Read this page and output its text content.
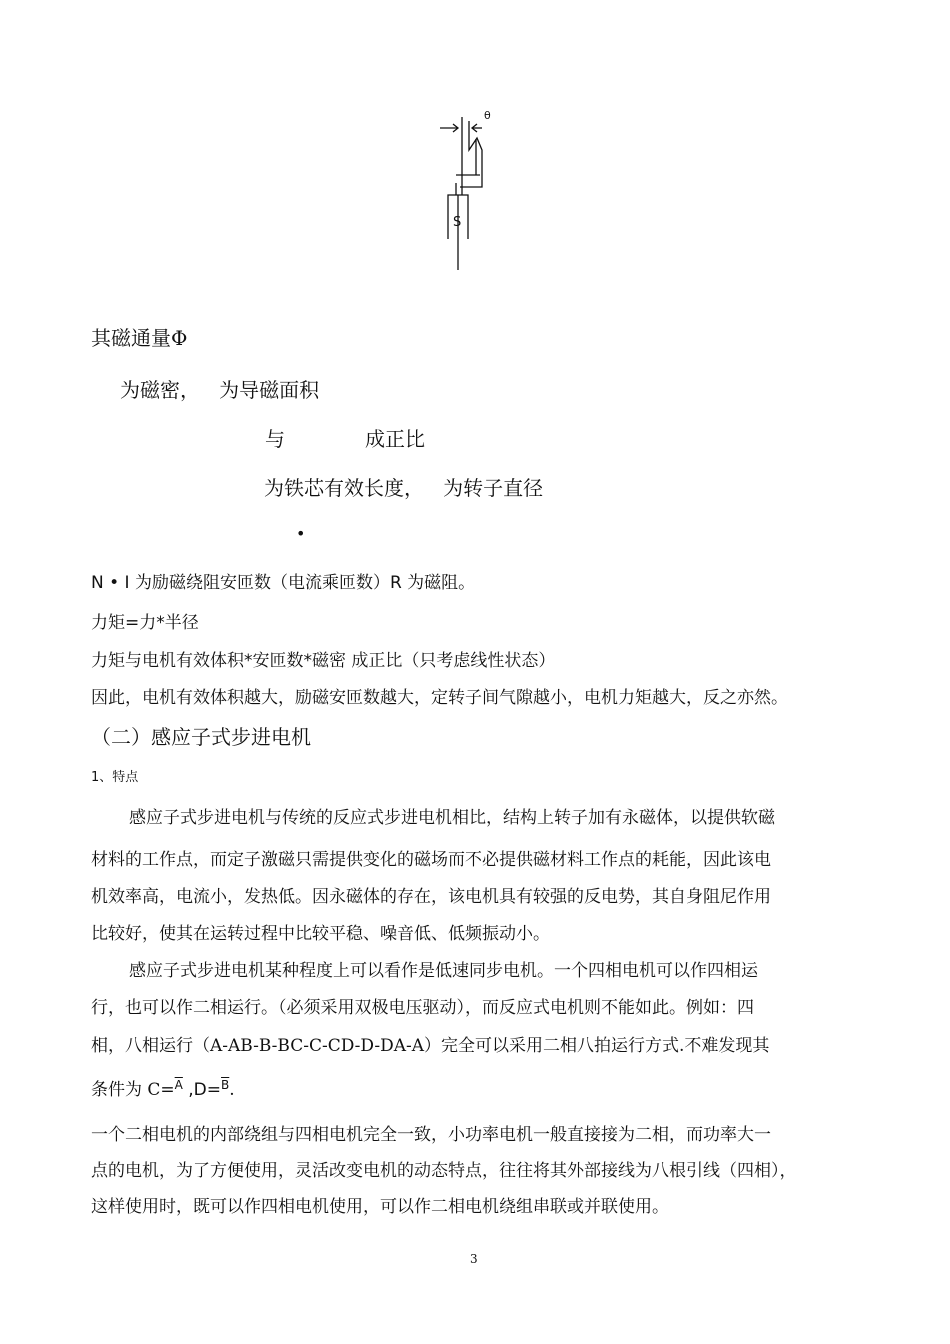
θ
S
其磁通量Φ
为磁密，   为导磁面积
与	成正比
为铁芯有效长度，   为转子直径
•
N • I 为励磁绕阻安匝数（电流乘匝数）R 为磁阻。
力矩=力*半径
力矩与电机有效体积*安匝数*磁密 成正比（只考虑线性状态）
因此，电机有效体积越大，励磁安匝数越大，定转子间气隙越小，电机力矩越大，反之亦然。
（二）感应子式步进电机
1、特点
感应子式步进电机与传统的反应式步进电机相比，结构上转子加有永磁体，以提供软磁
材料的工作点，而定子激磁只需提供变化的磁场而不必提供磁材料工作点的耗能，因此该电
机效率高，电流小，发热低。因永磁体的存在，该电机具有较强的反电势，其自身阻尼作用
比较好，使其在运转过程中比较平稳、噪音低、低频振动小。
感应子式步进电机某种程度上可以看作是低速同步电机。一个四相电机可以作四相运
行，也可以作二相运行。（必须采用双极电压驱动），而反应式电机则不能如此。例如：四
相，八相运行（A-AB-B-BC-C-CD-D-DA-A）完全可以采用二相八拍运行方式.不难发现其
条件为 C=$^{\overline{A}}$ ,D=$^{\overline{B}}$.
一个二相电机的内部绕组与四相电机完全一致，小功率电机一般直接接为二相，而功率大一
点的电机，为了方便使用，灵活改变电机的动态特点，往往将其外部接线为八根引线（四相），
这样使用时，既可以作四相电机使用，可以作二相电机绕组串联或并联使用。
3
